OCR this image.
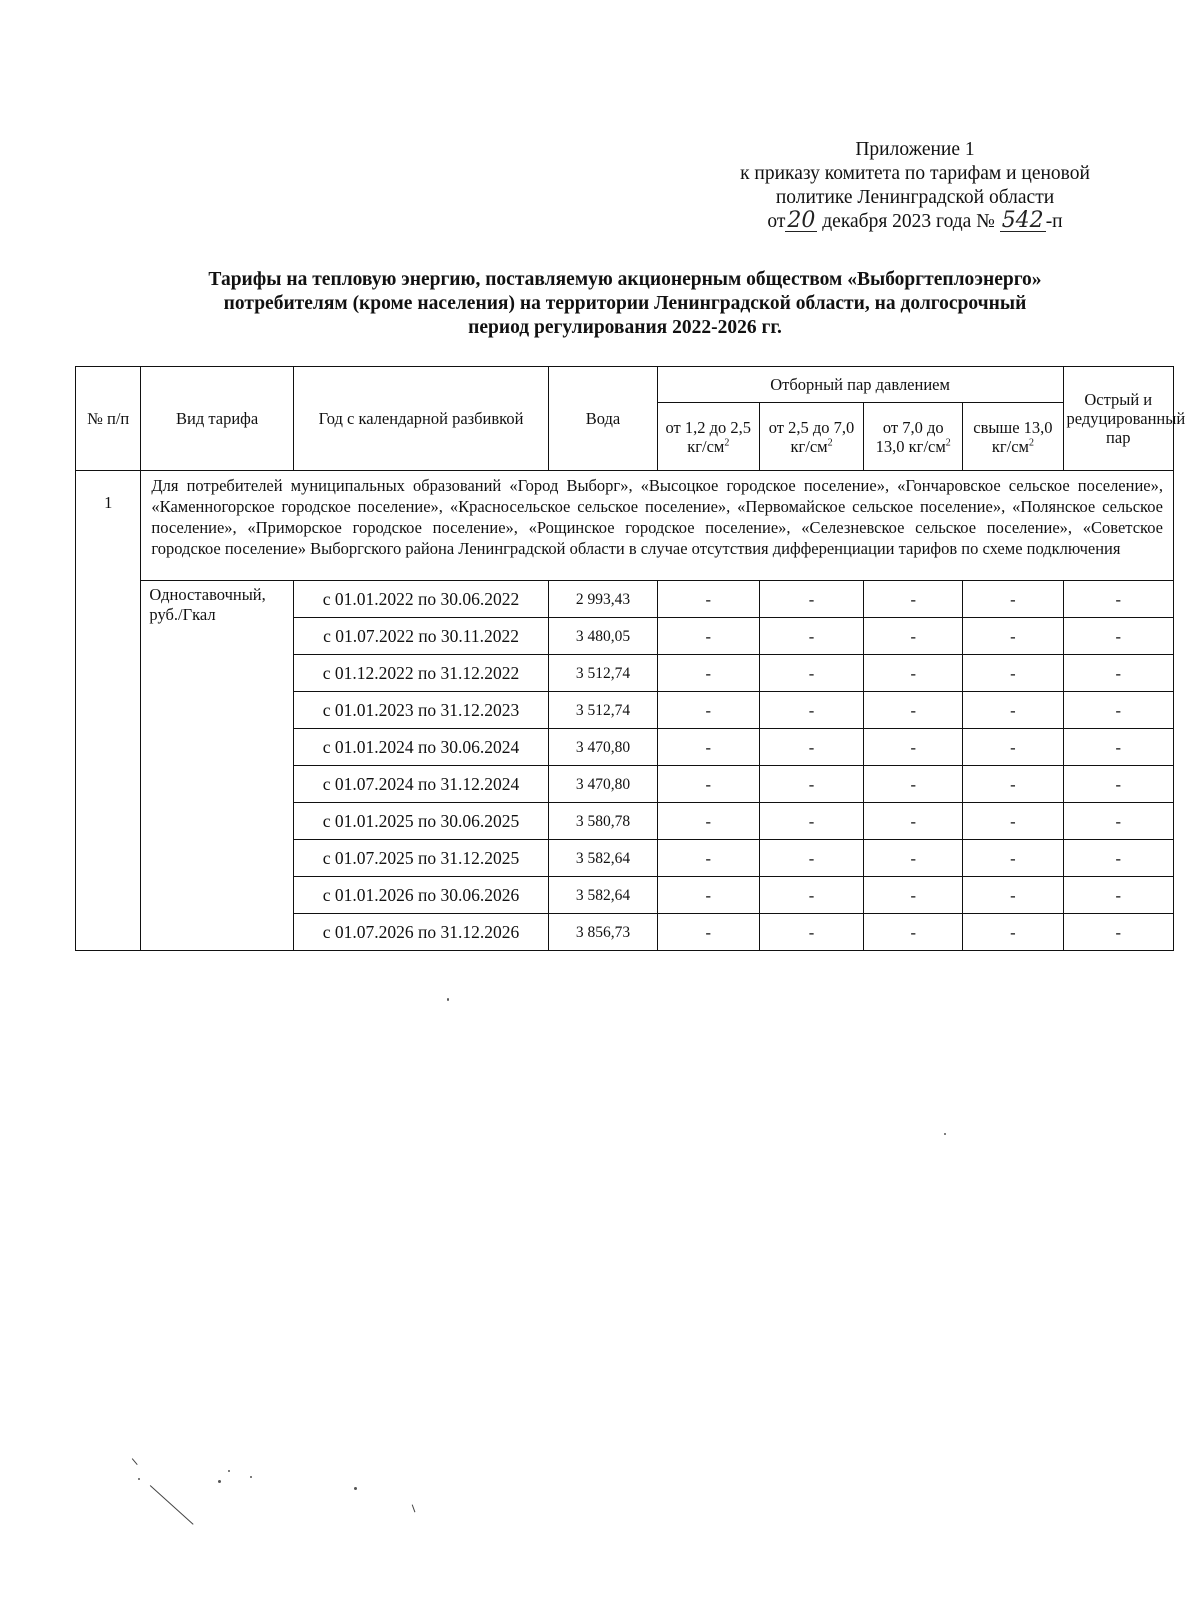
Приложение 1
к приказу комитета по тарифам и ценовой
политике Ленинградской области
от20 декабря 2023 года № 542 -п
Тарифы на тепловую энергию, поставляемую акционерным обществом «Выборгтеплоэнерго»
потребителям (кроме населения) на территории Ленинградской области, на долгосрочный
период регулирования 2022-2026 гг.
№ п/п	Вид тарифа	Год с календарной разбивкой	Вода	Отборный пар давлением				Острый и редуцированный пар
				от 1,2 до 2,5 $кг/см^2$	от 2,5 до 7,0 $кг/см^2$	от 7,0 до 13,0 $кг/см^2$	свыше 13,0 $кг/см^2$
1	Для потребителей муниципальных образований «Город Выборг», «Высоцкое городское поселение», «Гончаровское сельское поселение», «Каменногорское городское поселение», «Красносельское сельское поселение», «Первомайское сельское поселение», «Полянское сельское поселение», «Приморское городское поселение», «Рощинское городское поселение», «Селезневское сельское поселение», «Советское городское поселение» Выборгского района Ленинградской области в случае отсутствия дифференциации тарифов по схеме подключения							
	Одноставочный, руб./Гкал	с 01.01.2022 по 30.06.2022	2 993,43	-	-	-	-	-
		с 01.07.2022 по 30.11.2022	3 480,05	-	-	-	-	-
		с 01.12.2022 по 31.12.2022	3 512,74	-	-	-	-	-
		с 01.01.2023 по 31.12.2023	3 512,74	-	-	-	-	-
		с 01.01.2024 по 30.06.2024	3 470,80	-	-	-	-	-
		с 01.07.2024 по 31.12.2024	3 470,80	-	-	-	-	-
		с 01.01.2025 по 30.06.2025	3 580,78	-	-	-	-	-
		с 01.07.2025 по 31.12.2025	3 582,64	-	-	-	-	-
		с 01.01.2026 по 30.06.2026	3 582,64	-	-	-	-	-
		с 01.07.2026 по 31.12.2026	3 856,73	-	-	-	-	-
